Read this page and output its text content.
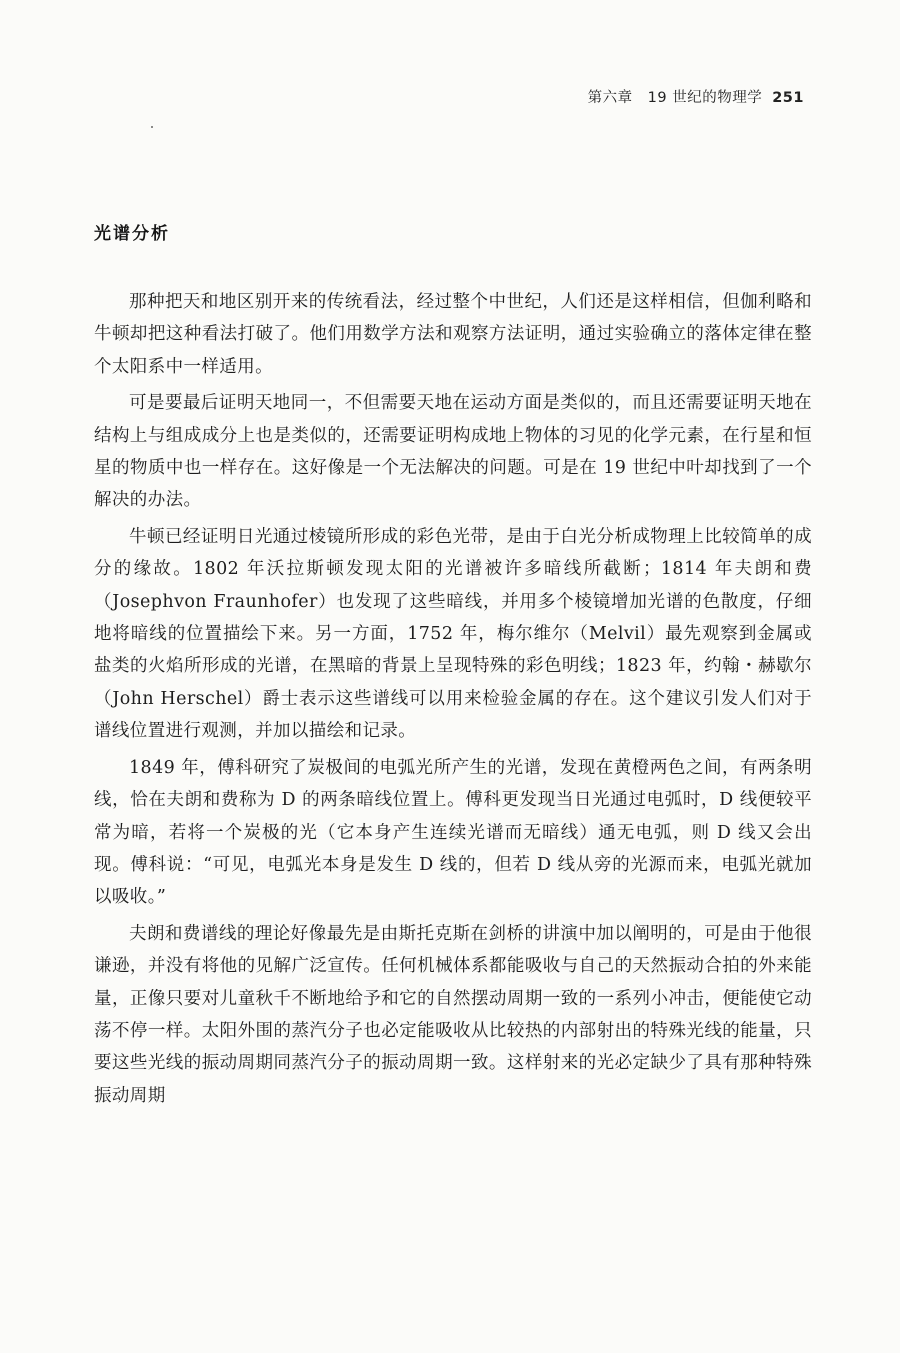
第六章　19 世纪的物理学 251
光谱分析

那种把天和地区别开来的传统看法，经过整个中世纪，人们还是这样相信，但伽利略和牛顿却把这种看法打破了。他们用数学方法和观察方法证明，通过实验确立的落体定律在整个太阳系中一样适用。

可是要最后证明天地同一，不但需要天地在运动方面是类似的，而且还需要证明天地在结构上与组成成分上也是类似的，还需要证明构成地上物体的习见的化学元素，在行星和恒星的物质中也一样存在。这好像是一个无法解决的问题。可是在 19 世纪中叶却找到了一个解决的办法。

牛顿已经证明日光通过棱镜所形成的彩色光带，是由于白光分析成物理上比较简单的成分的缘故。1802 年沃拉斯顿发现太阳的光谱被许多暗线所截断；1814 年夫朗和费（Josephvon Fraunhofer）也发现了这些暗线，并用多个棱镜增加光谱的色散度，仔细地将暗线的位置描绘下来。另一方面，1752 年，梅尔维尔（Melvil）最先观察到金属或盐类的火焰所形成的光谱，在黑暗的背景上呈现特殊的彩色明线；1823 年，约翰・赫歇尔（John Herschel）爵士表示这些谱线可以用来检验金属的存在。这个建议引发人们对于谱线位置进行观测，并加以描绘和记录。

1849 年，傅科研究了炭极间的电弧光所产生的光谱，发现在黄橙两色之间，有两条明线，恰在夫朗和费称为 D 的两条暗线位置上。傅科更发现当日光通过电弧时，D 线便较平常为暗，若将一个炭极的光（它本身产生连续光谱而无暗线）通无电弧，则 D 线又会出现。傅科说：“可见，电弧光本身是发生 D 线的，但若 D 线从旁的光源而来，电弧光就加以吸收。”

夫朗和费谱线的理论好像最先是由斯托克斯在剑桥的讲演中加以阐明的，可是由于他很谦逊，并没有将他的见解广泛宣传。任何机械体系都能吸收与自己的天然振动合拍的外来能量，正像只要对儿童秋千不断地给予和它的自然摆动周期一致的一系列小冲击，便能使它动荡不停一样。太阳外围的蒸汽分子也必定能吸收从比较热的内部射出的特殊光线的能量，只要这些光线的振动周期同蒸汽分子的振动周期一致。这样射来的光必定缺少了具有那种特殊振动周期
